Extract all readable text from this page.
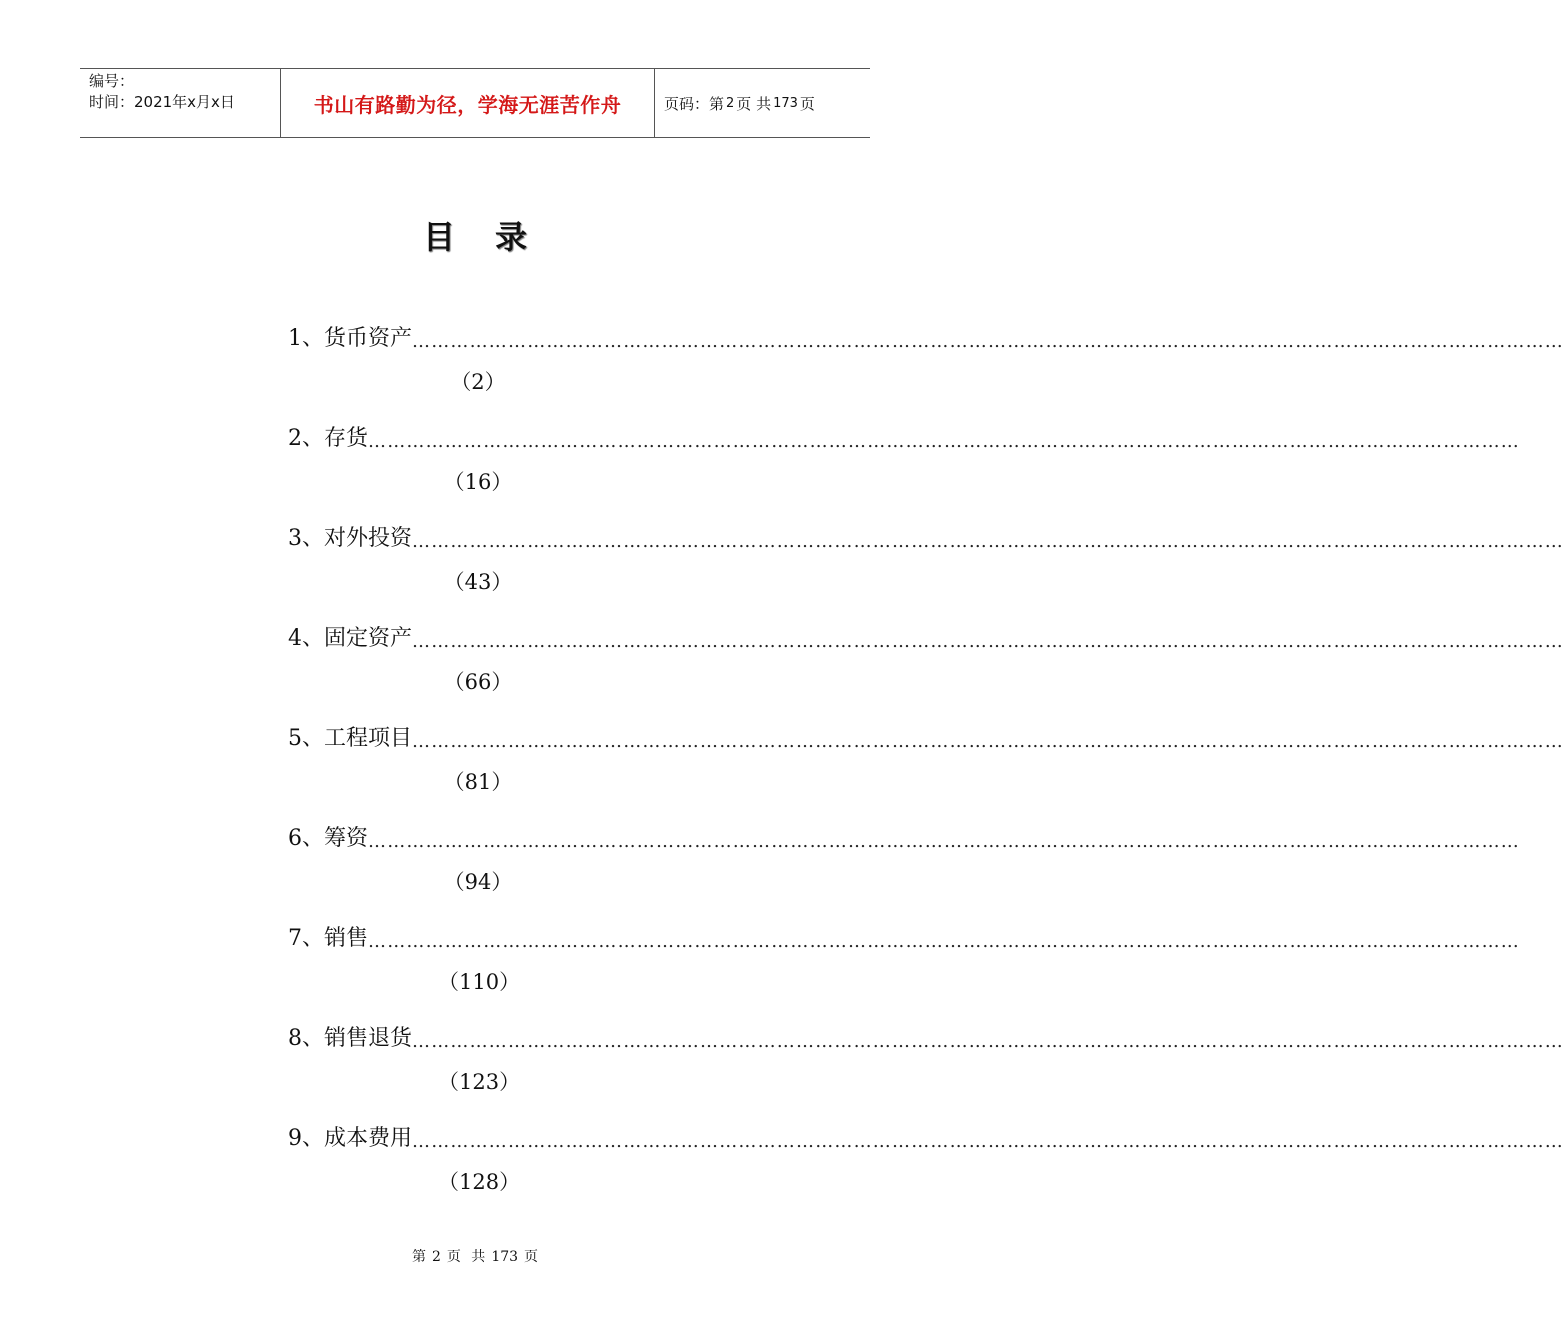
编号：
时间：2021年x月x日	书山有路勤为径，学海无涯苦作舟	页码：第 2 页 共 173 页
目录
1、货币资产 ………………………………………………………………………………………………………………………………………………………………
（2）
2、存货 ………………………………………………………………………………………………………………………………………………………………
（16）
3、对外投资 ………………………………………………………………………………………………………………………………………………………………
（43）
4、固定资产 ………………………………………………………………………………………………………………………………………………………………
（66）
5、工程项目 ………………………………………………………………………………………………………………………………………………………………
（81）
6、筹资 ………………………………………………………………………………………………………………………………………………………………
（94）
7、销售 ………………………………………………………………………………………………………………………………………………………………
（110）
8、销售退货 ………………………………………………………………………………………………………………………………………………………………
（123）
9、成本费用 ………………………………………………………………………………………………………………………………………………………………
（128）
第 2 页 共 173 页
